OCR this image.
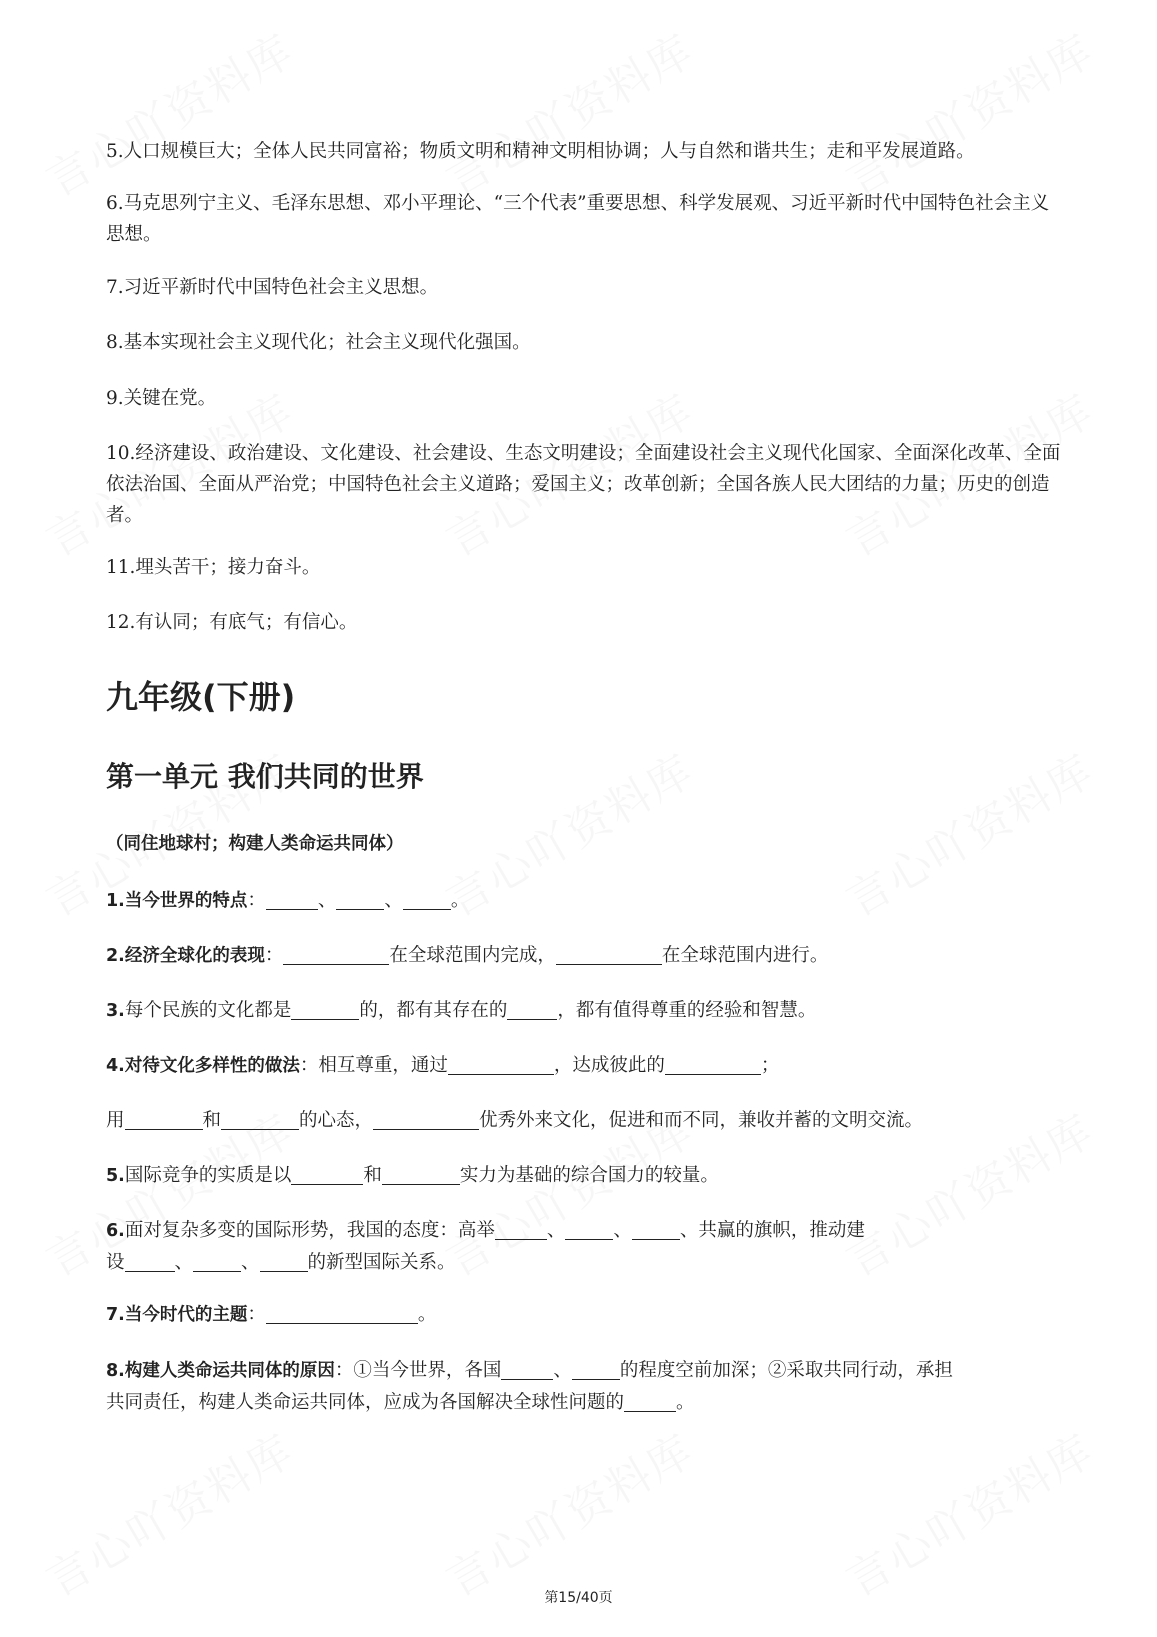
5.人口规模巨大；全体人民共同富裕；物质文明和精神文明相协调；人与自然和谐共生；走和平发展道路。

6.马克思列宁主义、毛泽东思想、邓小平理论、“三个代表”重要思想、科学发展观、习近平新时代中国特色社会主义思想。

7.习近平新时代中国特色社会主义思想。

8.基本实现社会主义现代化；社会主义现代化强国。

9.关键在党。

10.经济建设、政治建设、文化建设、社会建设、生态文明建设；全面建设社会主义现代化国家、全面深化改革、全面依法治国、全面从严治党；中国特色社会主义道路；爱国主义；改革创新；全国各族人民大团结的力量；历史的创造者。

11.埋头苦干；接力奋斗。

12.有认同；有底气；有信心。

九年级(下册)
第一单元 我们共同的世界

（同住地球村；构建人类命运共同体）

1.当今世界的特点：	、	、	。

2.经济全球化的表现：	在全球范围内完成，	在全球范围内进行。

3.每个民族的文化都是	的，都有其存在的	，都有值得尊重的经验和智慧。

4.对待文化多样性的做法：相互尊重，通过	，达成彼此的	；

用	和	的心态，	优秀外来文化，促进和而不同，兼收并蓄的文明交流。

5.国际竞争的实质是以	和	实力为基础的综合国力的较量。

6.面对复杂多变的国际形势，我国的态度：高举	、	、	、共赢的旗帜，推动建
设	、	、	的新型国际关系。

7.当今时代的主题：	。

8.构建人类命运共同体的原因：①当今世界，各国	、	的程度空前加深；②采取共同行动，承担
共同责任，构建人类命运共同体，应成为各国解决全球性问题的	。

第15/40页
